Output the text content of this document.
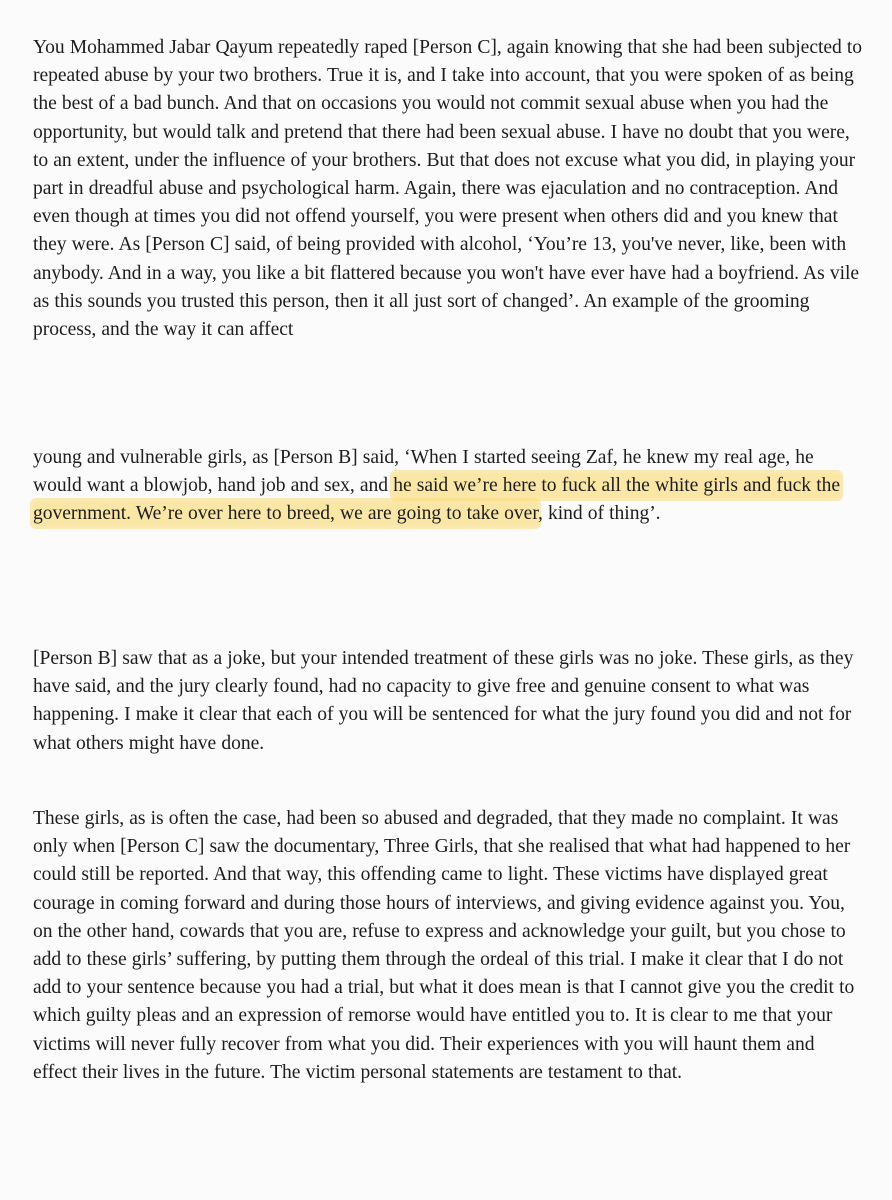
You Mohammed Jabar Qayum repeatedly raped [Person C], again knowing that she had been subjected to repeated abuse by your two brothers. True it is, and I take into account, that you were spoken of as being the best of a bad bunch. And that on occasions you would not commit sexual abuse when you had the opportunity, but would talk and pretend that there had been sexual abuse. I have no doubt that you were, to an extent, under the influence of your brothers. But that does not excuse what you did, in playing your part in dreadful abuse and psychological harm. Again, there was ejaculation and no contraception. And even though at times you did not offend yourself, you were present when others did and you knew that they were. As [Person C] said, of being provided with alcohol, ‘You’re 13, you've never, like, been with anybody. And in a way, you like a bit flattered because you won't have ever have had a boyfriend. As vile as this sounds you trusted this person, then it all just sort of changed’. An example of the grooming process, and the way it can affect

young and vulnerable girls, as [Person B] said, ‘When I started seeing Zaf, he knew my real age, he would want a blowjob, hand job and sex, and he said we’re here to fuck all the white girls and fuck the government. We’re over here to breed, we are going to take over, kind of thing’.

[Person B] saw that as a joke, but your intended treatment of these girls was no joke. These girls, as they have said, and the jury clearly found, had no capacity to give free and genuine consent to what was happening. I make it clear that each of you will be sentenced for what the jury found you did and not for what others might have done.

These girls, as is often the case, had been so abused and degraded, that they made no complaint. It was only when [Person C] saw the documentary, Three Girls, that she realised that what had happened to her could still be reported. And that way, this offending came to light. These victims have displayed great courage in coming forward and during those hours of interviews, and giving evidence against you. You, on the other hand, cowards that you are, refuse to express and acknowledge your guilt, but you chose to add to these girls’ suffering, by putting them through the ordeal of this trial. I make it clear that I do not add to your sentence because you had a trial, but what it does mean is that I cannot give you the credit to which guilty pleas and an expression of remorse would have entitled you to. It is clear to me that your victims will never fully recover from what you did. Their experiences with you will haunt them and effect their lives in the future. The victim personal statements are testament to that.
